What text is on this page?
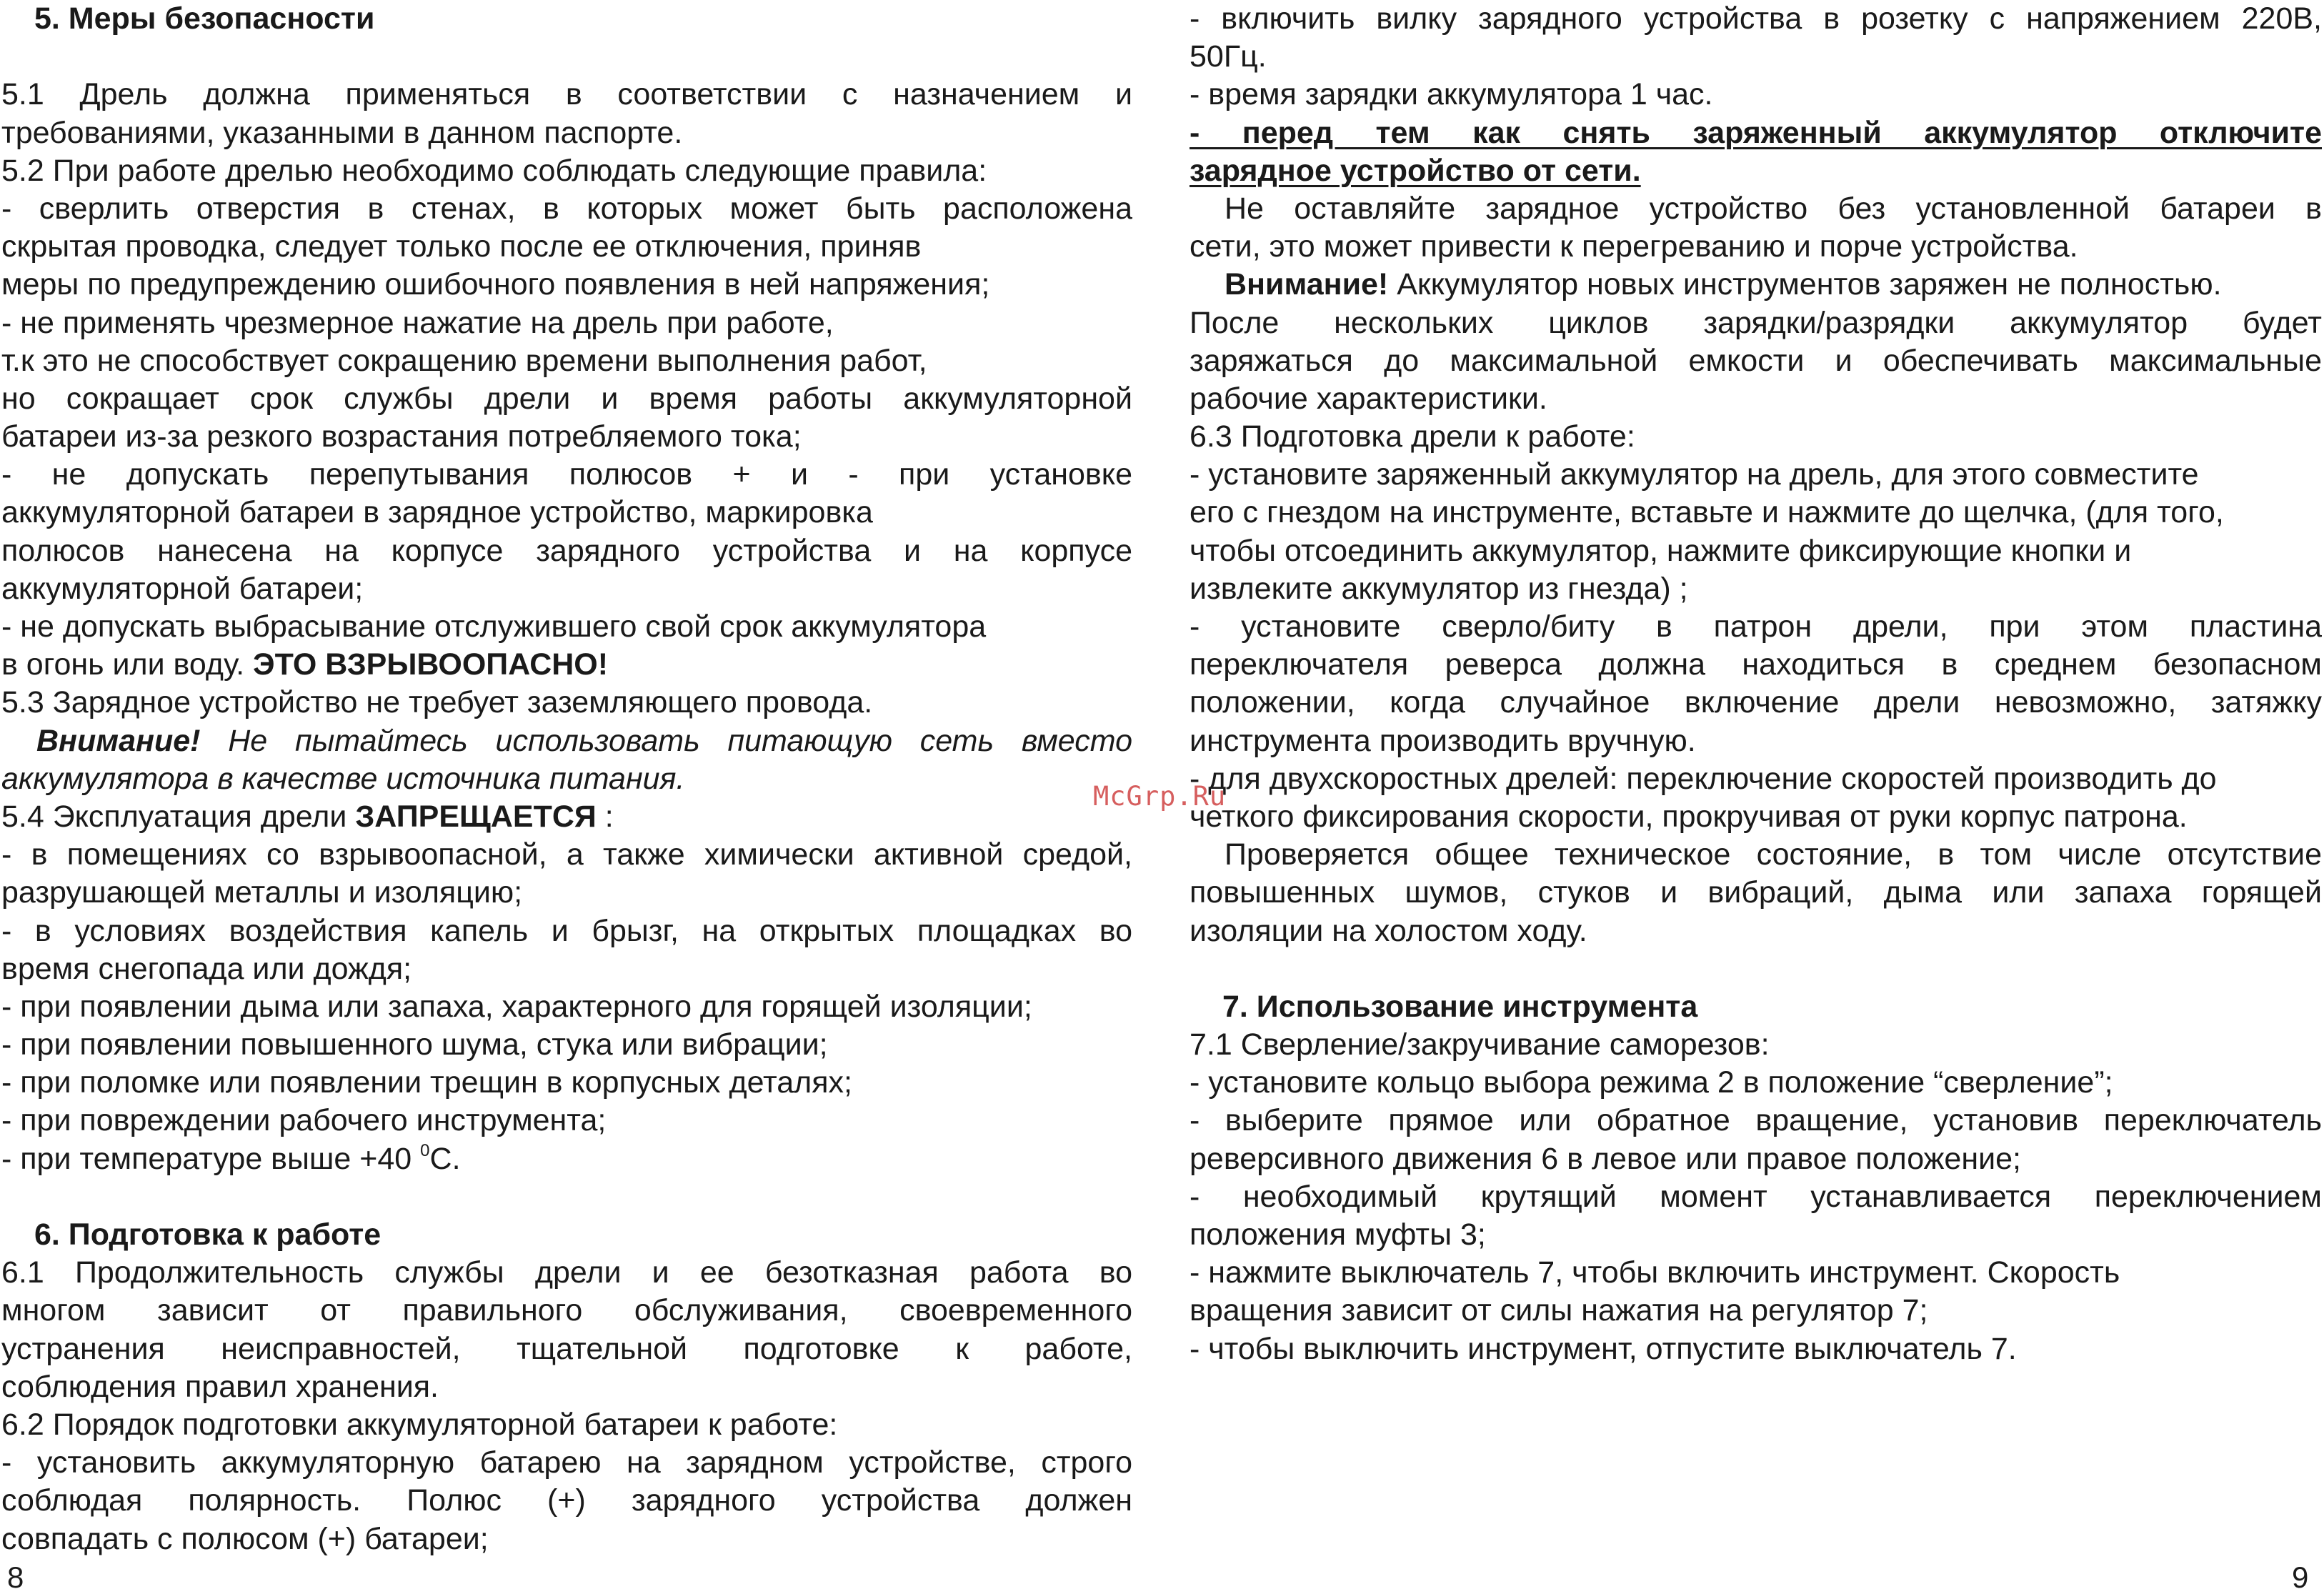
5. Меры безопасности
5.1 Дрель должна применяться в соответствии с назначением и
требованиями, указанными в данном паспорте.
5.2 При работе дрелью необходимо соблюдать следующие правила:
- сверлить отверстия в стенах, в которых может быть расположена
скрытая проводка, следует только после ее отключения, приняв
меры по предупреждению ошибочного появления в ней напряжения;
- не применять чрезмерное нажатие на дрель при работе,
т.к это не способствует сокращению времени выполнения работ,
но сокращает срок службы дрели и время работы аккумуляторной
батареи из-за резкого возрастания потребляемого тока;
- не допускать перепутывания полюсов + и - при установке
аккумуляторной батареи в зарядное устройство, маркировка
полюсов нанесена на корпусе зарядного устройства и на корпусе
аккумуляторной батареи;
- не допускать выбрасывание отслужившего свой срок аккумулятора
в огонь или воду. ЭТО ВЗРЫВООПАСНО!
5.3 Зарядное устройство не требует заземляющего провода.
Внимание! Не пытайтесь использовать питающую сеть вместо
аккумулятора в качестве источника питания.
5.4 Эксплуатация дрели ЗАПРЕЩАЕТСЯ :
- в помещениях со взрывоопасной, а также химически активной средой,
разрушающей металлы и изоляцию;
- в условиях воздействия капель и брызг, на открытых площадках во
время снегопада или дождя;
- при появлении дыма или запаха, характерного для горящей изоляции;
- при появлении повышенного шума, стука или вибрации;
- при поломке или появлении трещин в корпусных деталях;
- при повреждении рабочего инструмента;
- при температуре выше +40 $^0$С.
6. Подготовка к работе
6.1 Продолжительность службы дрели и ее безотказная работа во
многом зависит от правильного обслуживания, своевременного
устранения неисправностей, тщательной подготовке к работе,
соблюдения правил хранения.
6.2 Порядок подготовки аккумуляторной батареи к работе:
- установить аккумуляторную батарею на зарядном устройстве, строго
соблюдая полярность. Полюс (+) зарядного устройства должен
совпадать с полюсом (+) батареи;
- включить вилку зарядного устройства в розетку с напряжением 220В,
50Гц.
- время зарядки аккумулятора 1 час.
- перед тем как снять заряженный аккумулятор отключите
зарядное устройство от сети.
Не оставляйте зарядное устройство без установленной батареи в
сети, это может привести к перегреванию и порче устройства.
Внимание! Аккумулятор новых инструментов заряжен не полностью.
После нескольких циклов зарядки/разрядки аккумулятор будет
заряжаться до максимальной емкости и обеспечивать максимальные
рабочие характеристики.
6.3 Подготовка дрели к работе:
- установите заряженный аккумулятор на дрель, для этого совместите
его с гнездом на инструменте, вставьте и нажмите до щелчка, (для того,
чтобы отсоединить аккумулятор, нажмите фиксирующие кнопки и
извлеките аккумулятор из гнезда) ;
- установите сверло/биту в патрон дрели, при этом пластина
переключателя реверса должна находиться в среднем безопасном
положении, когда случайное включение дрели невозможно, затяжку
инструмента производить вручную.
- для двухскоростных дрелей: переключение скоростей производить до
четкого фиксирования скорости, прокручивая от руки корпус патрона.
Проверяется общее техническое состояние, в том числе отсутствие
повышенных шумов, стуков и вибраций, дыма или запаха горящей
изоляции на холостом ходу.
7. Использование инструмента
7.1 Сверление/закручивание саморезов:
- установите кольцо выбора режима 2 в положение “сверление”;
- выберите прямое или обратное вращение, установив переключатель
реверсивного движения 6 в левое или правое положение;
- необходимый крутящий момент устанавливается переключением
положения муфты 3;
- нажмите выключатель 7, чтобы включить инструмент. Скорость
вращения зависит от силы нажатия на регулятор 7;
- чтобы выключить инструмент, отпустите выключатель 7.
McGrp.Ru
8	9
